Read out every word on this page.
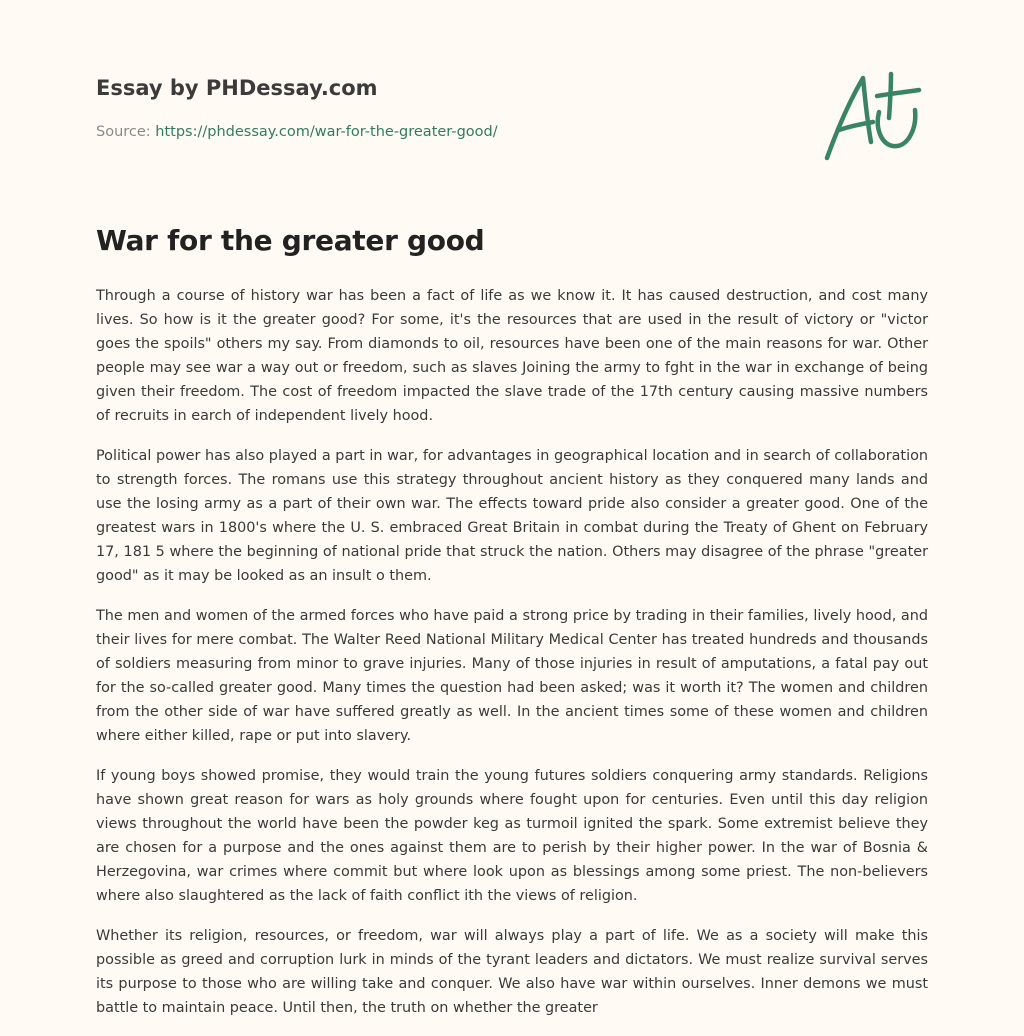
Essay by PHDessay.com
Source: https://phdessay.com/war-for-the-greater-good/
War for the greater good

Through a course of history war has been a fact of life as we know it. It has caused destruction, and cost many lives. So how is it the greater good? For some, it's the resources that are used in the result of victory or "victor goes the spoils" others my say. From diamonds to oil, resources have been one of the main reasons for war. Other people may see war a way out or freedom, such as slaves Joining the army to fght in the war in exchange of being given their freedom. The cost of freedom impacted the slave trade of the 17th century causing massive numbers of recruits in earch of independent lively hood.

Political power has also played a part in war, for advantages in geographical location and in search of collaboration to strength forces. The romans use this strategy throughout ancient history as they conquered many lands and use the losing army as a part of their own war. The effects toward pride also consider a greater good. One of the greatest wars in 1800's where the U. S. embraced Great Britain in combat during the Treaty of Ghent on February 17, 181 5 where the beginning of national pride that struck the nation. Others may disagree of the phrase "greater good" as it may be looked as an insult o them.

The men and women of the armed forces who have paid a strong price by trading in their families, lively hood, and their lives for mere combat. The Walter Reed National Military Medical Center has treated hundreds and thousands of soldiers measuring from minor to grave injuries. Many of those injuries in result of amputations, a fatal pay out for the so-called greater good. Many times the question had been asked; was it worth it? The women and children from the other side of war have suffered greatly as well. In the ancient times some of these women and children where either killed, rape or put into slavery.

If young boys showed promise, they would train the young futures soldiers conquering army standards. Religions have shown great reason for wars as holy grounds where fought upon for centuries. Even until this day religion views throughout the world have been the powder keg as turmoil ignited the spark. Some extremist believe they are chosen for a purpose and the ones against them are to perish by their higher power. In the war of Bosnia & Herzegovina, war crimes where commit but where look upon as blessings among some priest. The non-believers where also slaughtered as the lack of faith conflict ith the views of religion.

Whether its religion, resources, or freedom, war will always play a part of life. We as a society will make this possible as greed and corruption lurk in minds of the tyrant leaders and dictators. We must realize survival serves its purpose to those who are willing take and conquer. We also have war within ourselves. Inner demons we must battle to maintain peace. Until then, the truth on whether the greater
